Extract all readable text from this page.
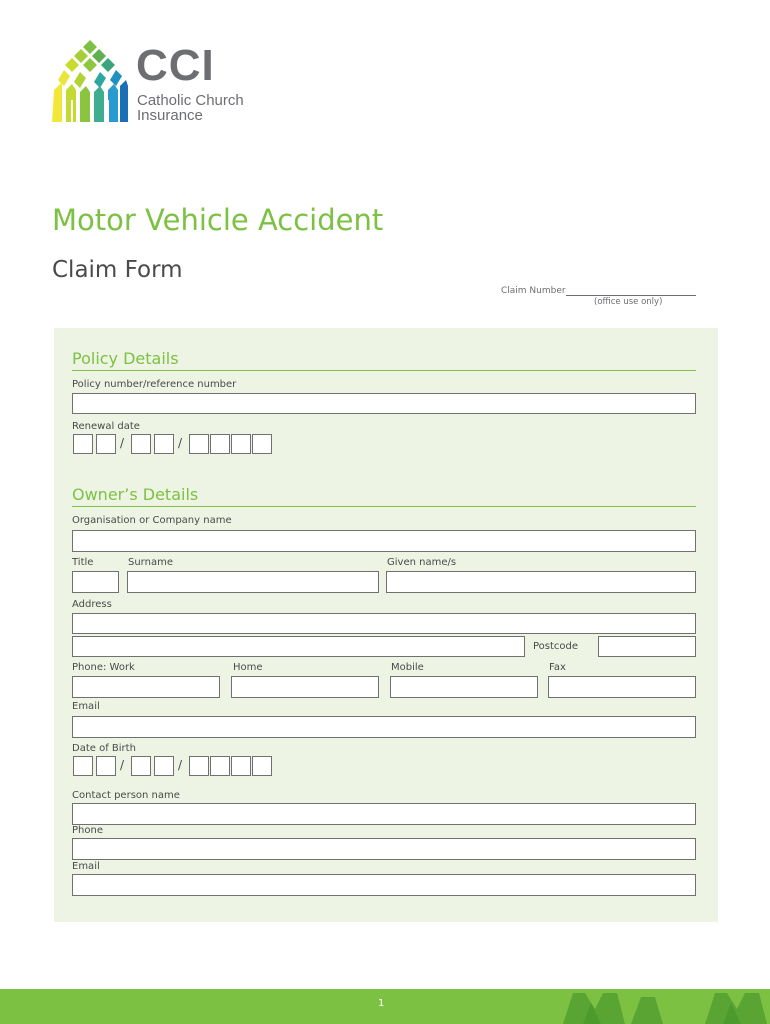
CCI
Catholic Church
Insurance
Motor Vehicle Accident
Claim Form
Claim Number
(office use only)
Policy Details
Policy number/reference number
Renewal date
/	/
Owner’s Details
Organisation or Company name
Title	Surname	Given name/s
Address
Postcode
Phone: Work	Home	Mobile	Fax
Email
Date of Birth
/	/
Contact person name
Phone
Email
1
